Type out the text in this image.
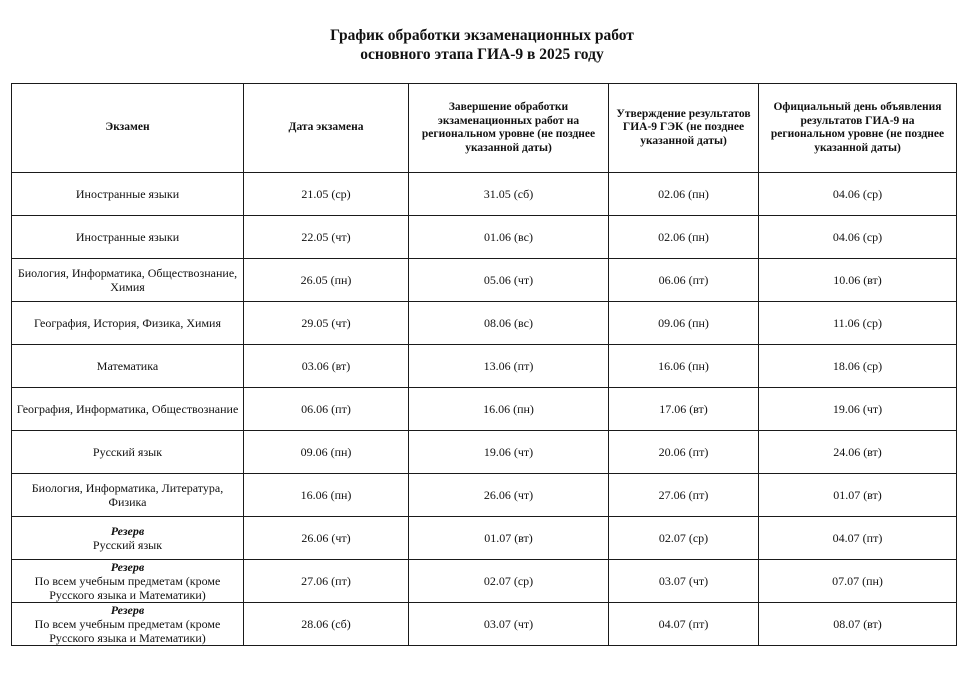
График обработки экзаменационных работ
основного этапа ГИА-9 в 2025 году
Экзамен	Дата экзамена	Завершение обработки экзаменационных работ на региональном уровне (не позднее указанной даты)	Утверждение результатов ГИА-9 ГЭК (не позднее указанной даты)	Официальный день объявления результатов ГИА-9 на региональном уровне (не позднее указанной даты)

Иностранные языки	21.05 (ср)	31.05 (сб)	02.06 (пн)	04.06 (ср)

Иностранные языки	22.05 (чт)	01.06 (вс)	02.06 (пн)	04.06 (ср)

Биология, Информатика, Обществознание, Химия	26.05 (пн)	05.06 (чт)	06.06 (пт)	10.06 (вт)

География, История, Физика, Химия	29.05 (чт)	08.06 (вс)	09.06 (пн)	11.06 (ср)

Математика	03.06 (вт)	13.06 (пт)	16.06 (пн)	18.06 (ср)

География, Информатика, Обществознание	06.06 (пт)	16.06 (пн)	17.06 (вт)	19.06 (чт)

Русский язык	09.06 (пн)	19.06 (чт)	20.06 (пт)	24.06 (вт)

Биология, Информатика, Литература, Физика	16.06 (пн)	26.06 (чт)	27.06 (пт)	01.07 (вт)

Резерв
Русский язык	26.06 (чт)	01.07 (вт)	02.07 (ср)	04.07 (пт)

Резерв
По всем учебным предметам (кроме Русского языка и Математики)	27.06 (пт)	02.07 (ср)	03.07 (чт)	07.07 (пн)

Резерв
По всем учебным предметам (кроме Русского языка и Математики)	28.06 (сб)	03.07 (чт)	04.07 (пт)	08.07 (вт)
